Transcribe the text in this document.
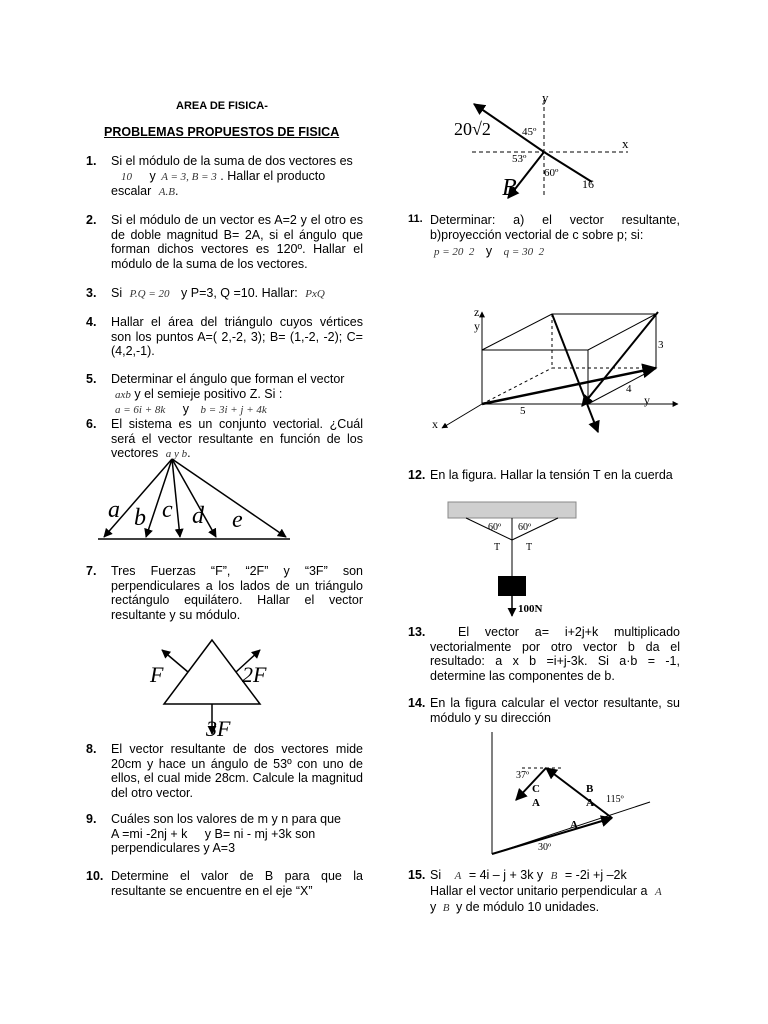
AREA DE FISICA-
PROBLEMAS PROPUESTOS DE FISICA
1. Si el módulo de la suma de dos vectores es
10 y A = 3, B = 3 . Hallar el producto
escalar A.B.
2. Si el módulo de un vector es A=2 y el otro es de doble magnitud B= 2A, si el ángulo que forman dichos vectores es 120º. Hallar el módulo de la suma de los vectores.
3. Si P.Q = 20 y P=3, Q =10. Hallar: PxQ
4. Hallar el área del triángulo cuyos vértices son los puntos A=( 2,-2, 3); B= (1,-2, -2); C= (4,2,-1).
5. Determinar el ángulo que forman el vector
axb y el semieje positivo Z. Si :
a = 6i + 8k y b = 3i + j + 4k
6. El sistema es un conjunto vectorial. ¿Cuál será el vector resultante en función de los vectores a y b.
a b c d e
7. Tres Fuerzas “F”, “2F” y “3F” son perpendiculares a los lados de un triángulo rectángulo equilátero. Hallar el vector resultante y su módulo.
F	2F
3F
8. El vector resultante de dos vectores mide 20cm y hace un ángulo de 53º con uno de ellos, el cual mide 28cm. Calcule la magnitud del otro vector.
9. Cuáles son los valores de m y n para que
A =mi -2nj + k     y B= ni - mj +3k son
perpendiculares y A=3
10. Determine el valor de B para que la resultante se encuentre en el eje “X”
y
x
20√2	45º
53º
60º
16
B
11. Determinar: a) el vector resultante, b)proyección vectorial de c sobre p; si:
p = 20  2 y q = 30  2
z
y
y
x
3
4
5
12. En la figura. Hallar la tensión T en la cuerda
60º 60º
T	T
100N
13.	El vector a= i+2j+k multiplicado vectorialmente por otro vector b da el resultado: a x b =i+j-3k. Si a·b = -1, determine las componentes de b.
14. En la figura calcular el vector resultante, su módulo y su dirección
37º
115º
30º
C
A
B
A
A
15. Si A = 4i – j + 3k y B = -2i +j –2k
Hallar el vector unitario perpendicular a A
y B y de módulo 10 unidades.
